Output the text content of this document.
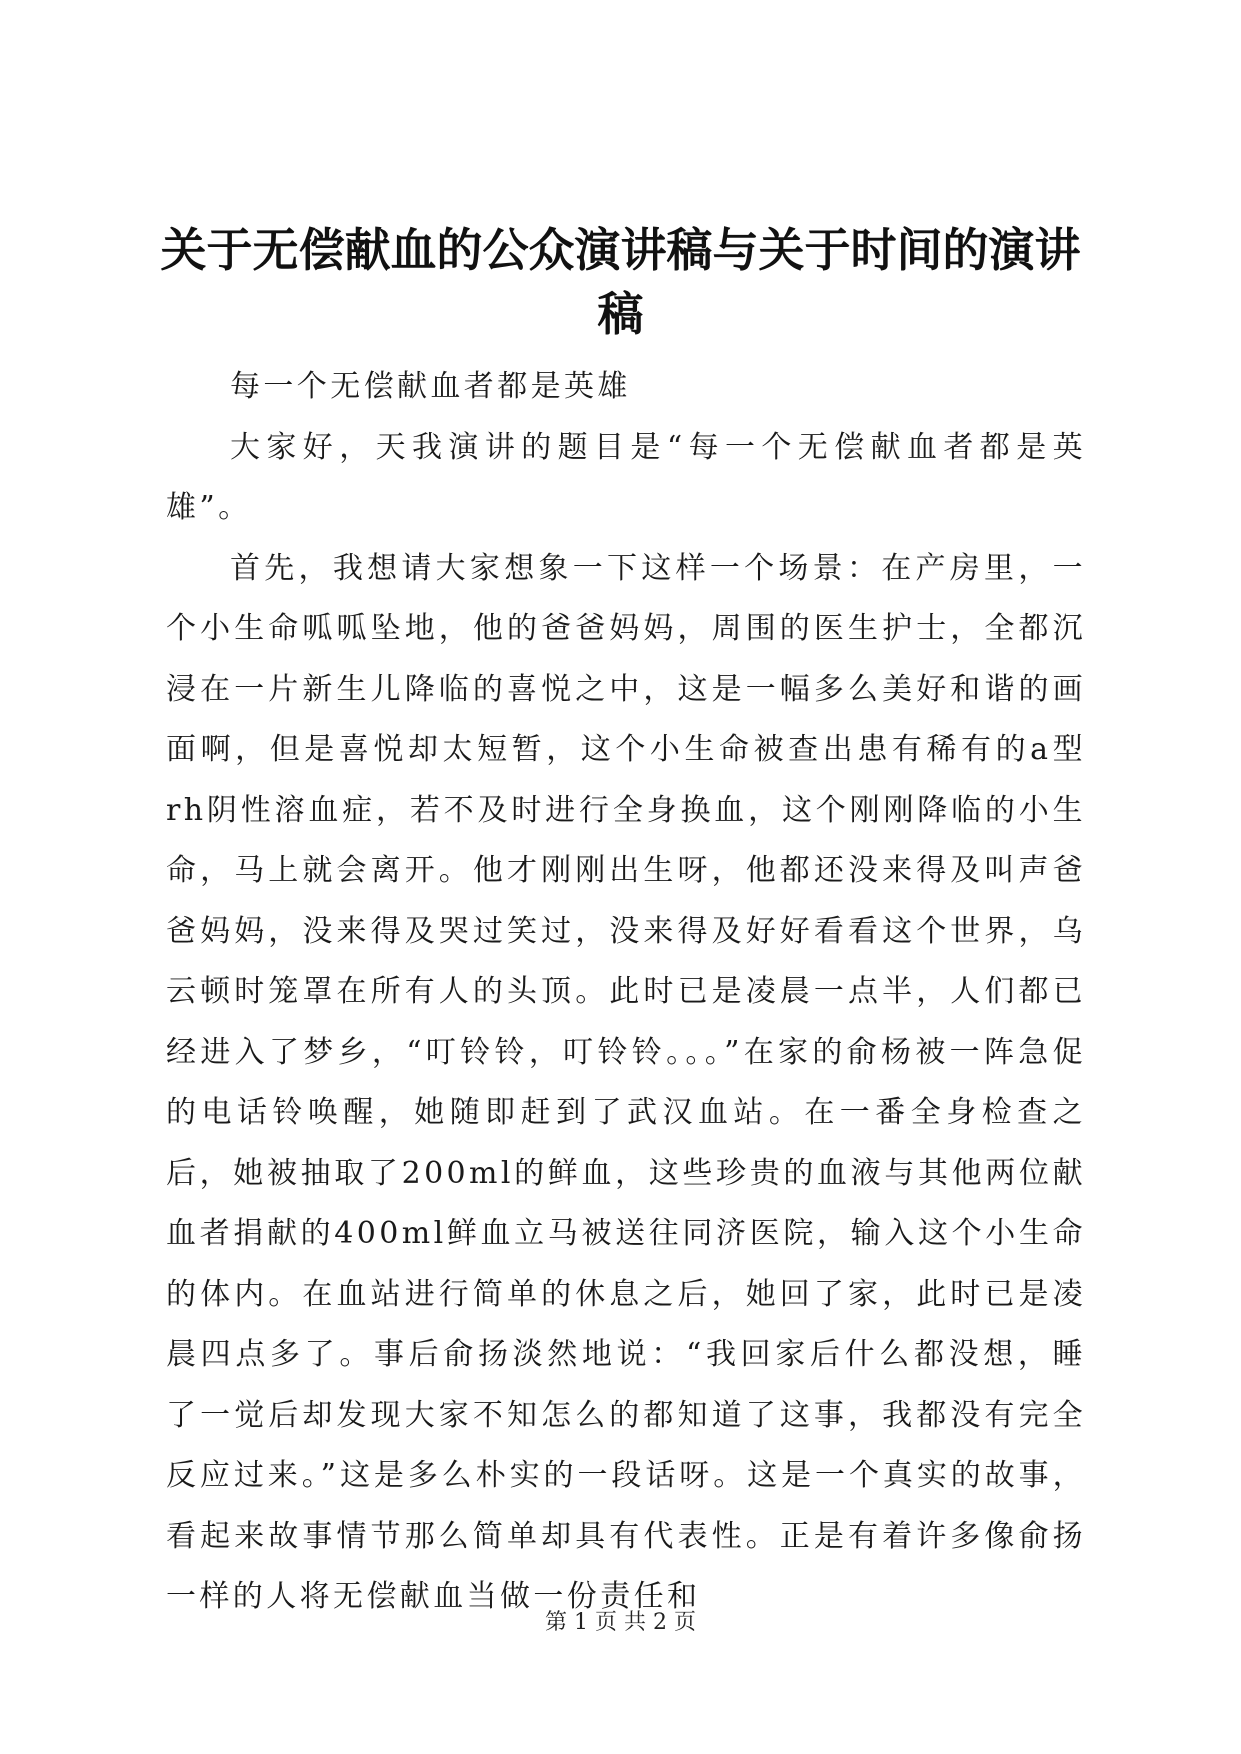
关于无偿献血的公众演讲稿与关于时间的演讲稿

每一个无偿献血者都是英雄

大家好，天我演讲的题目是“每一个无偿献血者都是英雄”。

首先，我想请大家想象一下这样一个场景：在产房里，一个小生命呱呱坠地，他的爸爸妈妈，周围的医生护士，全都沉浸在一片新生儿降临的喜悦之中，这是一幅多么美好和谐的画面啊，但是喜悦却太短暂，这个小生命被查出患有稀有的a型rh阴性溶血症，若不及时进行全身换血，这个刚刚降临的小生命，马上就会离开。他才刚刚出生呀，他都还没来得及叫声爸爸妈妈，没来得及哭过笑过，没来得及好好看看这个世界，乌云顿时笼罩在所有人的头顶。此时已是凌晨一点半，人们都已经进入了梦乡，“叮铃铃，叮铃铃。。。”在家的俞杨被一阵急促的电话铃唤醒，她随即赶到了武汉血站。在一番全身检查之后，她被抽取了200ml的鲜血，这些珍贵的血液与其他两位献血者捐献的400ml鲜血立马被送往同济医院，输入这个小生命的体内。在血站进行简单的休息之后，她回了家，此时已是凌晨四点多了。事后俞扬淡然地说：“我回家后什么都没想，睡了一觉后却发现大家不知怎么的都知道了这事，我都没有完全反应过来。”这是多么朴实的一段话呀。这是一个真实的故事，看起来故事情节那么简单却具有代表性。正是有着许多像俞扬一样的人将无偿献血当做一份责任和

第 1 页 共 2 页
